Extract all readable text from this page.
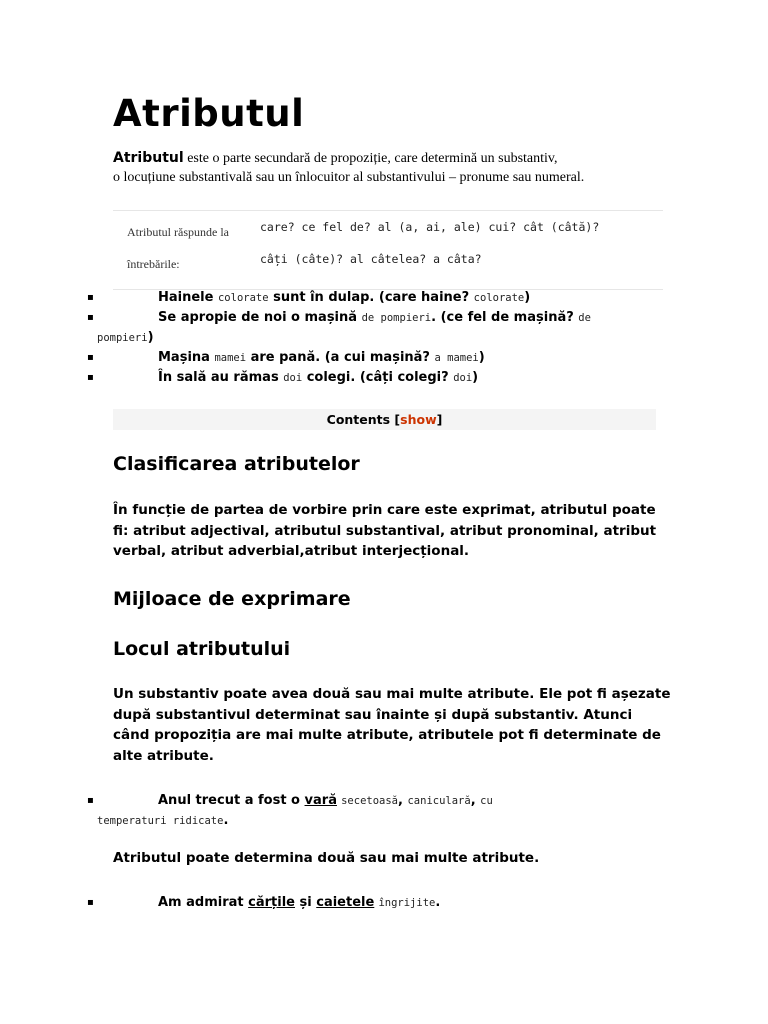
Atributul
Atributul este o parte secundară de propoziție, care determină un substantiv,
o locuțiune substantivală sau un înlocuitor al substantivului – pronume sau numeral.
Atributul răspunde la
întrebările:
care? ce fel de? al (a, ai, ale) cui? cât (câtă)?
câți (câte)? al câtelea? a câta?
▪	Hainele colorate sunt în dulap. (care haine? colorate)
▪	Se apropie de noi o mașină de pompieri. (ce fel de mașină? de
pompieri)
▪	Mașina mamei are pană. (a cui mașină? a mamei)
▪	În sală au rămas doi colegi. (câți colegi? doi)
Contents [show]
Clasificarea atributelor
În funcție de partea de vorbire prin care este exprimat, atributul poate fi: atribut adjectival, atributul substantival, atribut pronominal, atribut verbal, atribut adverbial,atribut interjecțional.
Mijloace de exprimare
Locul atributului
Un substantiv poate avea două sau mai multe atribute. Ele pot fi așezate după substantivul determinat sau înainte și după substantiv. Atunci când propoziția are mai multe atribute, atributele pot fi determinate de alte atribute.
▪	Anul trecut a fost o vară secetoasă, caniculară, cu
temperaturi ridicate.
Atributul poate determina două sau mai multe atribute.
▪	Am admirat cărțile și caietele îngrijite.
